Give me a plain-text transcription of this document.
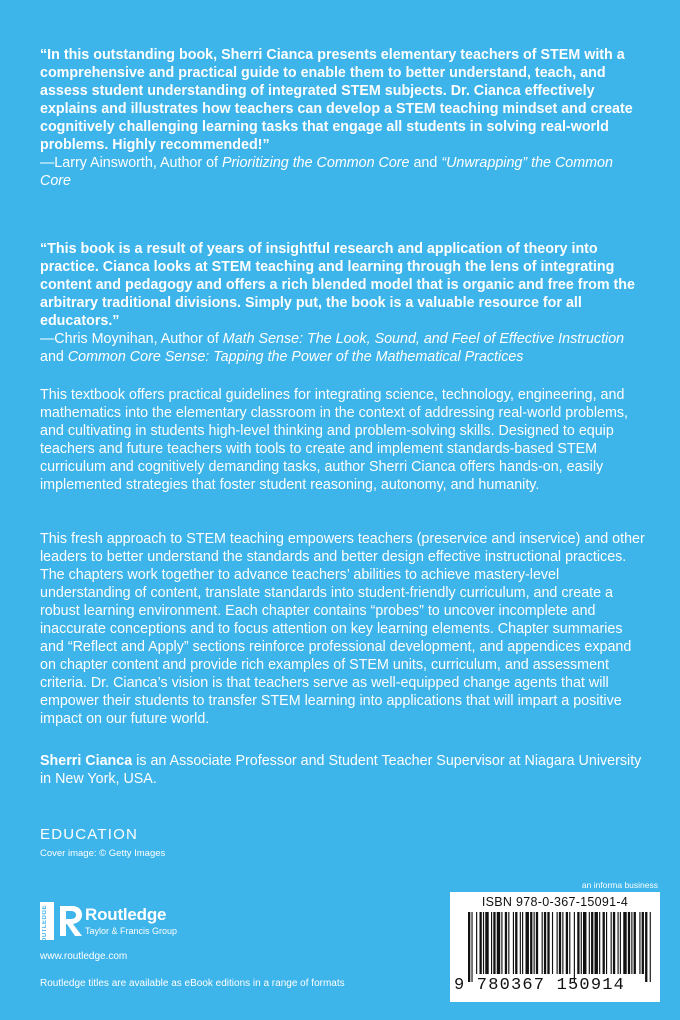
“In this outstanding book, Sherri Cianca presents elementary teachers of STEM with a comprehensive and practical guide to enable them to better understand, teach, and assess student understanding of integrated STEM subjects. Dr. Cianca effectively explains and illustrates how teachers can develop a STEM teaching mindset and create cognitively challenging learning tasks that engage all students in solving real-world problems. Highly recommended!”
—Larry Ainsworth, Author of Prioritizing the Common Core and “Unwrapping” the Common Core
“This book is a result of years of insightful research and application of theory into practice. Cianca looks at STEM teaching and learning through the lens of integrating content and pedagogy and offers a rich blended model that is organic and free from the arbitrary traditional divisions. Simply put, the book is a valuable resource for all educators.”
—Chris Moynihan, Author of Math Sense: The Look, Sound, and Feel of Effective Instruction and Common Core Sense: Tapping the Power of the Mathematical Practices
This textbook offers practical guidelines for integrating science, technology, engineering, and mathematics into the elementary classroom in the context of addressing real-world problems, and cultivating in students high-level thinking and problem-solving skills. Designed to equip teachers and future teachers with tools to create and implement standards-based STEM curriculum and cognitively demanding tasks, author Sherri Cianca offers hands-on, easily implemented strategies that foster student reasoning, autonomy, and humanity.
This fresh approach to STEM teaching empowers teachers (preservice and inservice) and other leaders to better understand the standards and better design effective instructional practices. The chapters work together to advance teachers’ abilities to achieve mastery-level understanding of content, translate standards into student-friendly curriculum, and create a robust learning environment. Each chapter contains “probes” to uncover incomplete and inaccurate conceptions and to focus attention on key learning elements. Chapter summaries and “Reflect and Apply” sections reinforce professional development, and appendices expand on chapter content and provide rich examples of STEM units, curriculum, and assessment criteria. Dr. Cianca’s vision is that teachers serve as well-equipped change agents that will empower their students to transfer STEM learning into applications that will impart a positive impact on our future world.
Sherri Cianca is an Associate Professor and Student Teacher Supervisor at Niagara University in New York, USA.
EDUCATION
Cover image: © Getty Images
ROUTLEDGE Routledge
Taylor & Francis Group
www.routledge.com
Routledge titles are available as eBook editions in a range of formats
an informa business
ISBN 978-0-367-15091-4
9 780367 150914
